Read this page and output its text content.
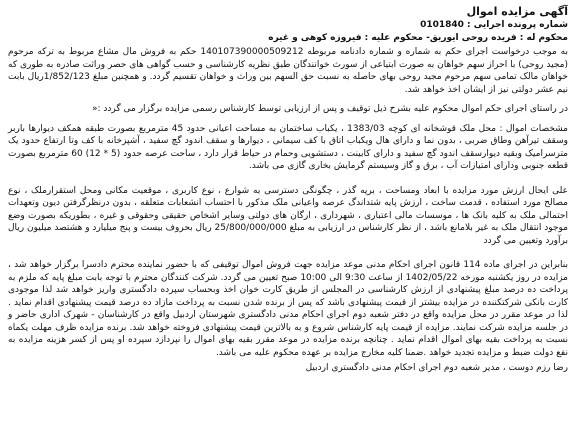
آگهی مزایده اموال
شماره پرونده اجرایی : 0101840
محکوم له : فریده روحی ایوریق- محکوم علیه : فیروزه کوهی و غیره
به موجب درخواست اجرای حکم به شماره و شماره دادنامه مربوطه 140107390000509212 حکم به فروش مال مشاع مربوط به ترکه مرحوم (مجید روحی) با احراز سهم خواهان به صورت ابتیاعی از سورث خوانندگان طبق نظریه کارشناسی و حسب گواهی های حصر وراثت صادره به طوری که خواهان مالک تمامی سهم مرحوم مجید روحی بهای حاصله به نسبت حق السهم بین وراث و خواهان تقسیم گردد. و همچنین مبلغ 1/852/123ریال بابت نیم عشر دولتی نیز از ایشان اخذ خواهد شد.
در راستای اجرای حکم اموال محکوم علیه بشرح ذیل توقیف و پس از ارزیابی توسط کارشناس رسمی مزایده برگزار می گردد :«
مشخصات اموال : محل ملک قوشخانه ای کوچه 1383/03 ، یکباب ساختمان به مساحت اعیانی حدود 45 مترمربع بصورت طبقه همکف دیوارها باربر وسقف تیرآهن وطاق ضربی ، بدون نما و دارای هال ویکباب اتاق با کف سیمانی ، دیوارها و سقف اندود گچ سفید ، آشپزخانه با کف وتا ارتفاع حدود یک مترسرامیک وبقیه دیوارسقف اندود گچ سفید و دارای کابینت ، دستشویی وحمام در حیاط قرار دارد ، ساحت عرصه حدود (5 * 12) 60 مترمربع بصورت قطعه جنوبی ودارای امتیازات آب ، برق و گاز وسیستم گرمایش بخاری گازی می باشد.
علی ایحال ارزش مورد مزایده با ابعاد ومساحت ، برپه گذر ، چگونگی دسترسی به شوارع ، نوع کاربری ، موقعیت مکانی ومحل استقرارملک ، نوع مصالح مورد استفاده ، قدمت ساخت ، ارزش پایه شتداندگ عرصه واعیانی ملک مذکور با احتساب انشعابات متعلقه ، بدون درنظرگرفتن دیون وتعهدات احتمالی ملک به کلیه بانک ها ، موسسات مالی اعتباری ، شهرداری ، ارگان های دولتی وسایر اشخاص حقیقی وحقوقی و غیره ، بطوریکه بصورت وضع موجود انتقال ملک به غیر بلامانع باشد ، از نظر کارشناس در ارزیابی به مبلغ 25/800/000/000 ریال بحروف بیست و پنج میلیارد و هشتصد میلیون ریال برآورد وتعیین می گردد
بنابراین در اجرای ماده 114 قانون اجرای احکام مدنی موعد مزایده جهت فروش اموال توقیفی که با حضور نماینده محترم دادسرا برگزار خواهد شد ، مزایده در روز یکشنبه مورخه 1402/05/22 از ساعت 9:30 الی 10:00 صبح تعیین می گردد. شرکت کنندگان محترم با توجه بابت مبلغ پایه که ملزم به پرداخت ده درصد مبلغ پیشنهادی از ارزش کارشناسی در المجلس از طریق کارت خوان اخذ وبحساب سپرده دادگستری واریز خواهد شد لذا موجودی کارت بانکی شرکتکننده در مزایده بیشتر از قیمت پیشنهادی باشد که پس از برنده شدن نسبت به پرداخت مازاد ده درصد قیمت پیشنهادی اقدام نماید . لذا در موعد مقرر در محل مزایده واقع در دفتر شعبه دوم اجرای احکام مدنی دادگستری شهرستان اردبیل واقع در کارشناسان - شهرک اداری حاضر و در جلسه مزایده شرکت نمایند. مزایده از قیمت پایه کارشناس شروع و به بالاترین قیمت پیشنهادی فروخته خواهد شد. برنده مزایده ظرف مهلت یکماه نسبت به پرداخت بقیه بهای اموال اقدام نماید . چنانچه برنده مزایده در موعد مقرر بقیه بهای اموال را نپردازد سپرده او پس از کسر هزینه مزایده به نفع دولت ضبط و مزایده تجدید خواهد .ضمنا کلیه مخارج مزایده بر عهده محکوم علیه می باشد.
رضا رزم دوست ، مدیر شعبه دوم اجرای احکام مدنی دادگستری اردبیل
